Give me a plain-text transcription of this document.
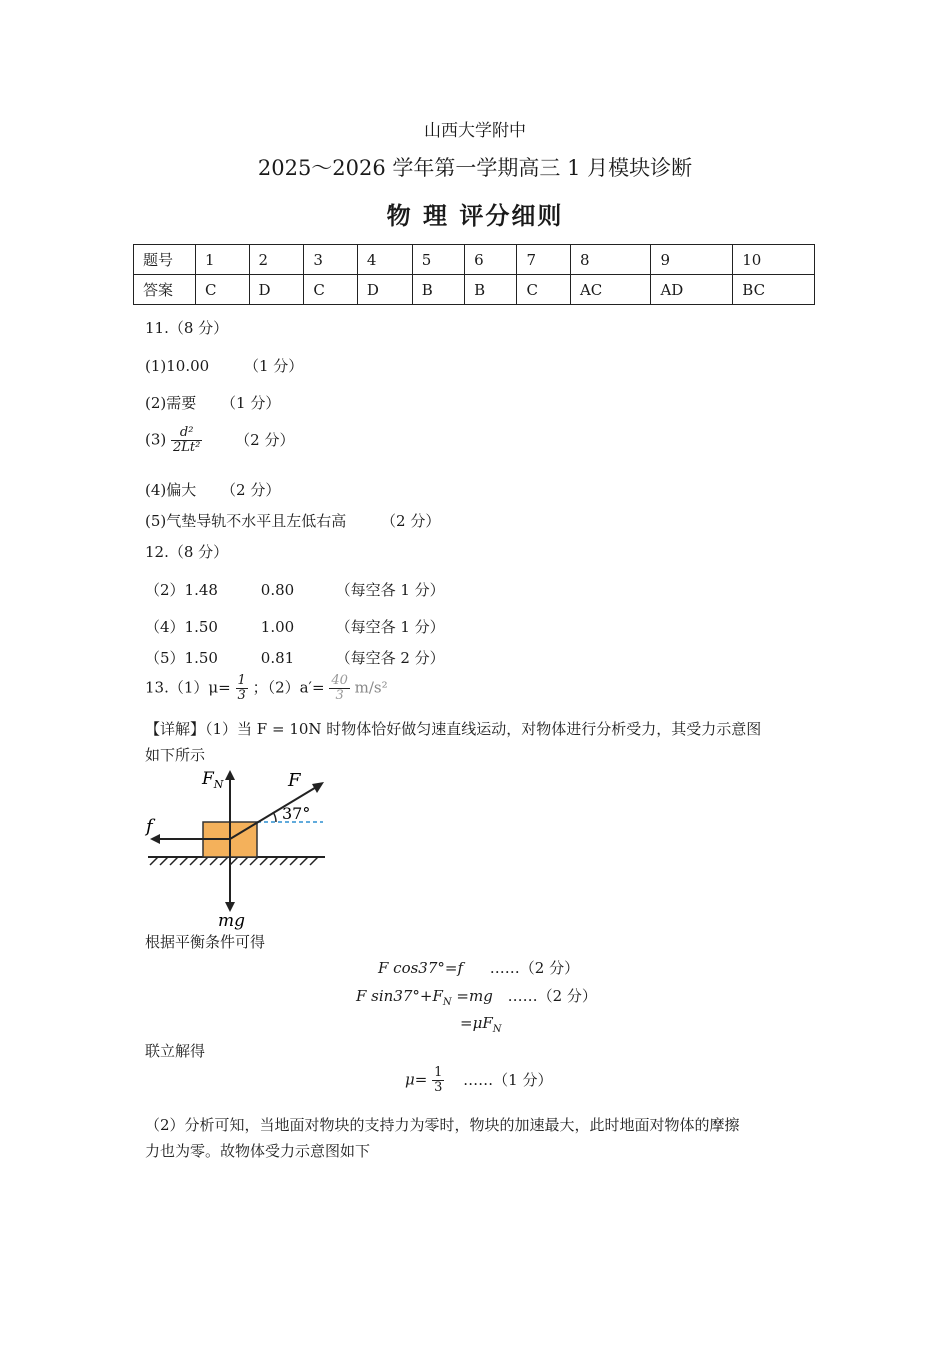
山西大学附中
2025～2026 学年第一学期高三 1 月模块诊断
物 理 评分细则
题号	1	2	3	4	5	6	7	8	9	10
答案	C	D	C	D	B	B	C	AC	AD	BC
11.（8 分）
(1)10.00 （1 分）
(2)需要 （1 分）
$(3) \frac{\text{d²}}{\text{2Lt²}} (2$ 分）
(4)偏大 （2 分）
(5)气垫导轨不水平且左低右高 （2 分）
12.（8 分）
（2）1.48	0.80	（每空各 1 分）
（4）1.50	1.00	（每空各 1 分）
（5）1.50	0.81	（每空各 2 分）
$13.(1)\mu= \frac{1}{3}$ ；$(2)a'= \frac{40}{3} m/s^2$
【详解】（1）当 F = 10N 时物体恰好做匀速直线运动，对物体进行分析受力，其受力示意图
如下所示
$F_N$	F
37°
f
mg
根据平衡条件可得
F cos37°=f ……（2 分）
F $\sin 37^\circ+F_N =mg$ ……（2 分）
$=\mu F_N$
联立解得
$\mu= \frac{1}{3}$ ……（1 分）
（2）分析可知，当地面对物块的支持力为零时，物块的加速最大，此时地面对物体的摩擦
力也为零。故物体受力示意图如下
